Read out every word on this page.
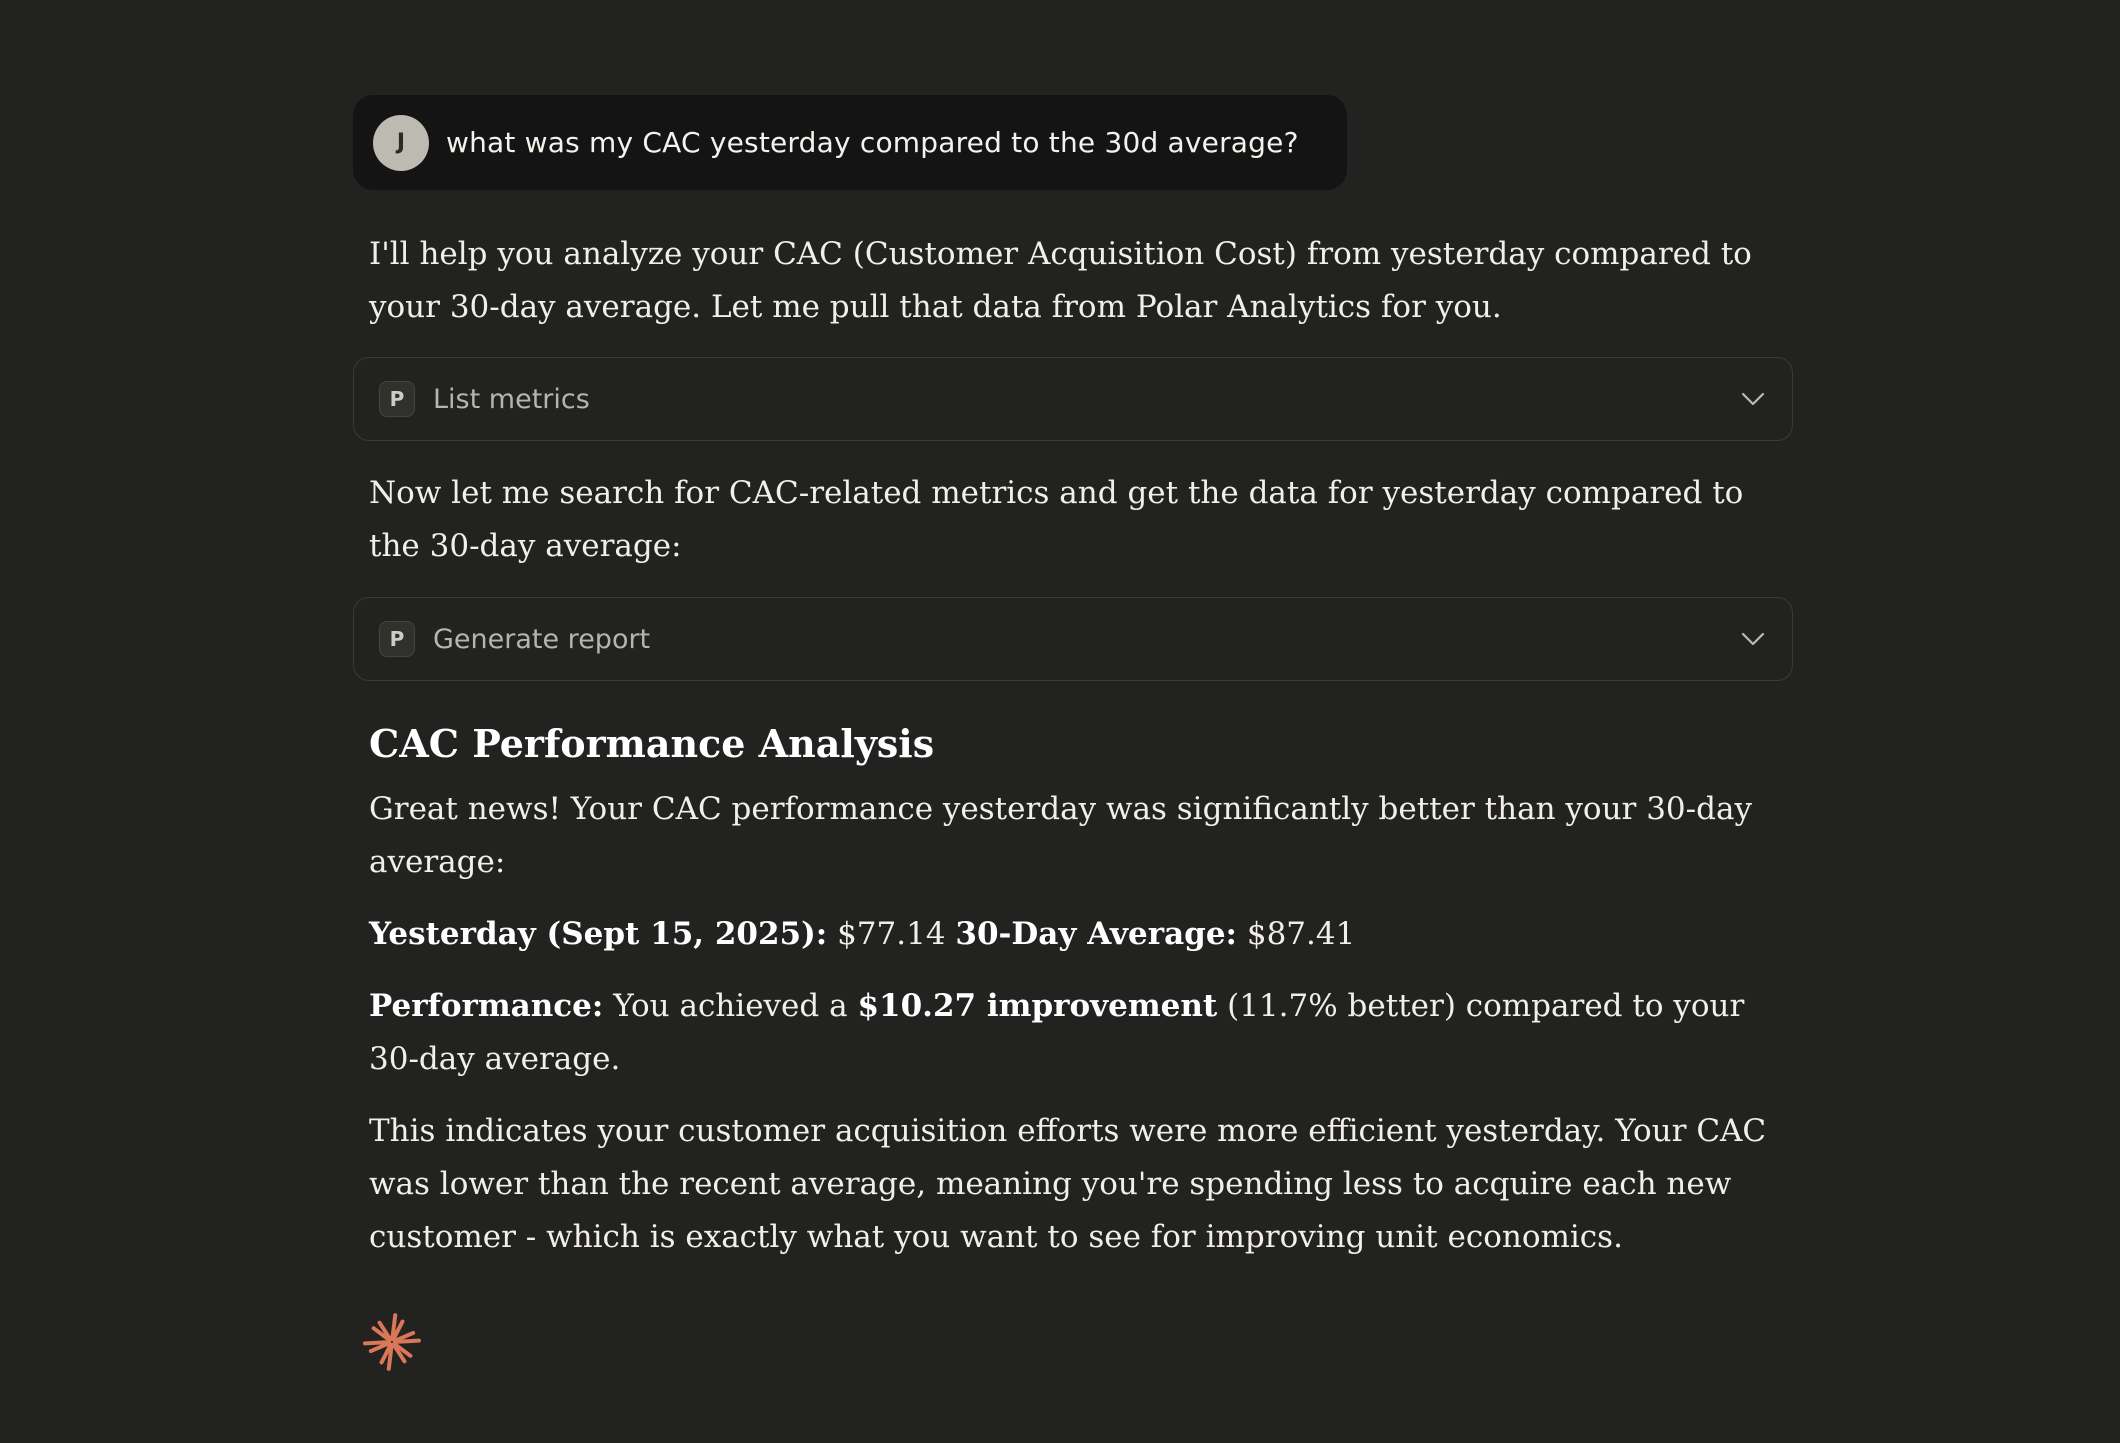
J	what was my CAC yesterday compared to the 30d average?

I'll help you analyze your CAC (Customer Acquisition Cost) from yesterday compared to your 30-day average. Let me pull that data from Polar Analytics for you.

P	List metrics

Now let me search for CAC-related metrics and get the data for yesterday compared to the 30-day average:

P	Generate report
CAC Performance Analysis

Great news! Your CAC performance yesterday was significantly better than your 30-day average:

Yesterday (Sept 15, 2025): $77.14 30-Day Average: $87.41

Performance: You achieved a $10.27 improvement (11.7% better) compared to your 30-day average.

This indicates your customer acquisition efforts were more efficient yesterday. Your CAC was lower than the recent average, meaning you're spending less to acquire each new customer - which is exactly what you want to see for improving unit economics.
